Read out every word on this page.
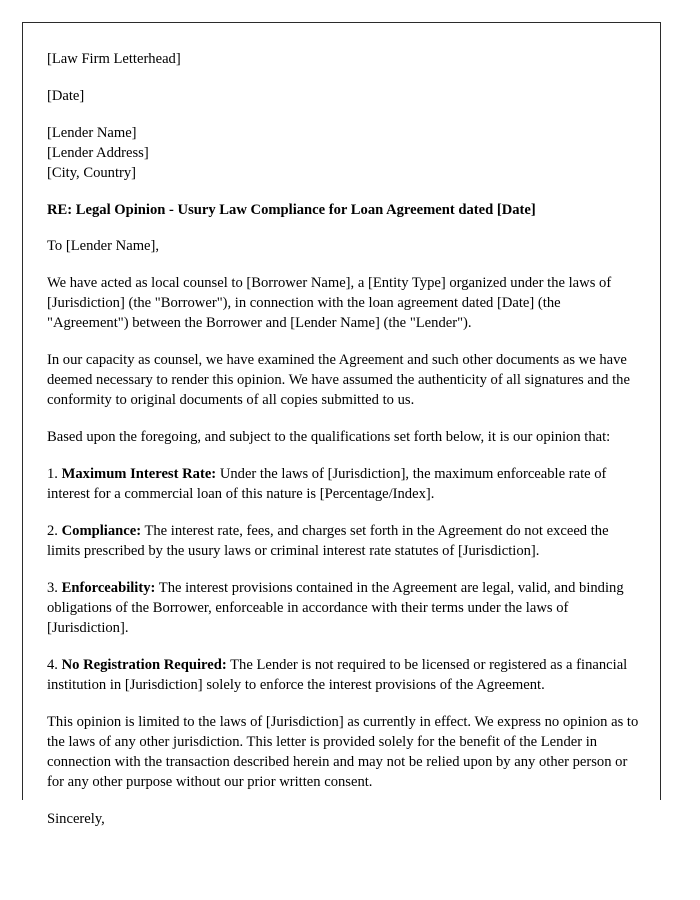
[Law Firm Letterhead]

[Date]

[Lender Name]

[Lender Address]

[City, Country]

RE: Legal Opinion - Usury Law Compliance for Loan Agreement dated [Date]

To [Lender Name],

We have acted as local counsel to [Borrower Name], a [Entity Type] organized under the laws of [Jurisdiction] (the "Borrower"), in connection with the loan agreement dated [Date] (the "Agreement") between the Borrower and [Lender Name] (the "Lender").

In our capacity as counsel, we have examined the Agreement and such other documents as we have deemed necessary to render this opinion. We have assumed the authenticity of all signatures and the conformity to original documents of all copies submitted to us.

Based upon the foregoing, and subject to the qualifications set forth below, it is our opinion that:

1. Maximum Interest Rate: Under the laws of [Jurisdiction], the maximum enforceable rate of interest for a commercial loan of this nature is [Percentage/Index].

2. Compliance: The interest rate, fees, and charges set forth in the Agreement do not exceed the limits prescribed by the usury laws or criminal interest rate statutes of [Jurisdiction].

3. Enforceability: The interest provisions contained in the Agreement are legal, valid, and binding obligations of the Borrower, enforceable in accordance with their terms under the laws of [Jurisdiction].

4. No Registration Required: The Lender is not required to be licensed or registered as a financial institution in [Jurisdiction] solely to enforce the interest provisions of the Agreement.

This opinion is limited to the laws of [Jurisdiction] as currently in effect. We express no opinion as to the laws of any other jurisdiction. This letter is provided solely for the benefit of the Lender in connection with the transaction described herein and may not be relied upon by any other person or for any other purpose without our prior written consent.

Sincerely,
